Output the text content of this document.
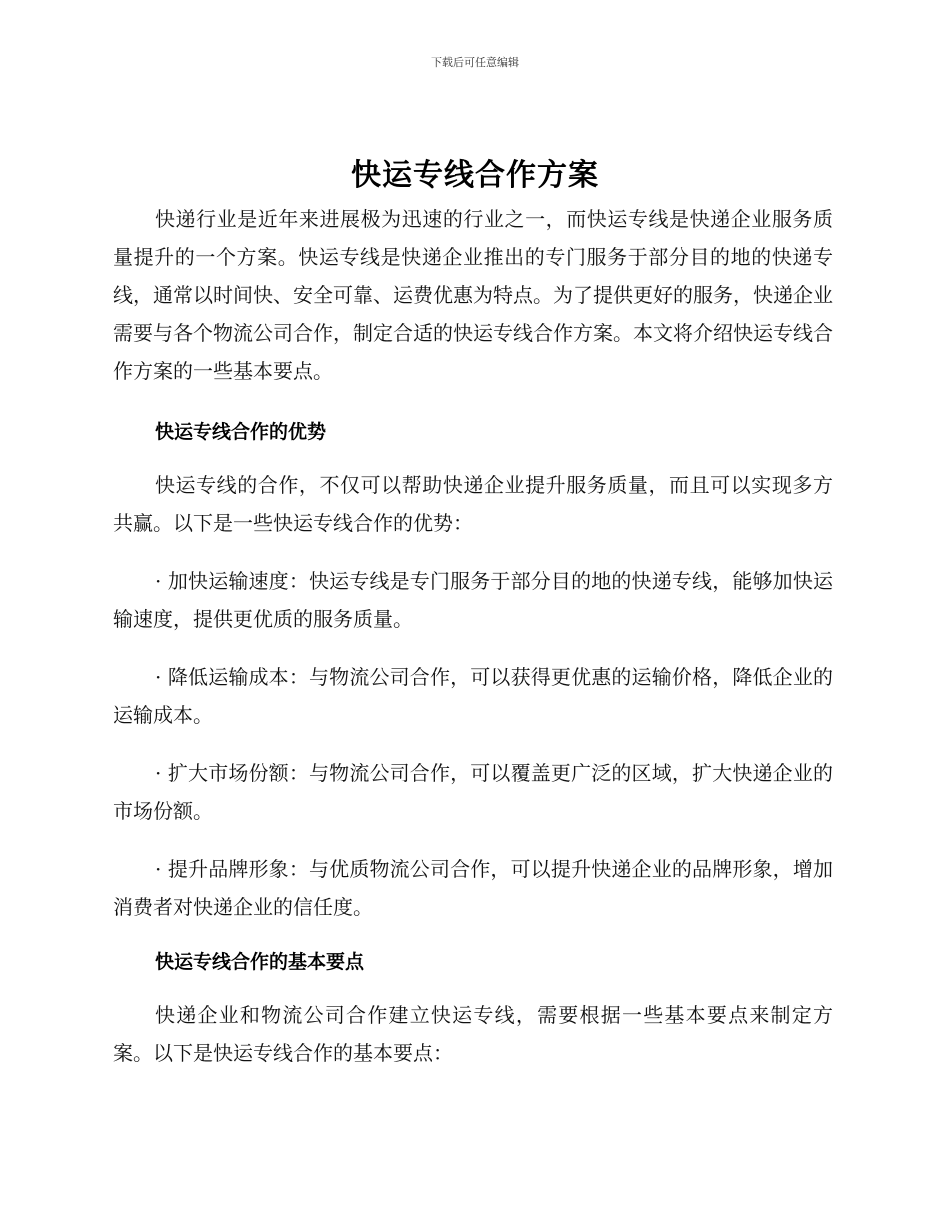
下载后可任意编辑
快运专线合作方案

快递行业是近年来进展极为迅速的行业之一，而快运专线是快递企业服务质量提升的一个方案。快运专线是快递企业推出的专门服务于部分目的地的快递专线，通常以时间快、安全可靠、运费优惠为特点。为了提供更好的服务，快递企业需要与各个物流公司合作，制定合适的快运专线合作方案。本文将介绍快运专线合作方案的一些基本要点。

快运专线合作的优势

快运专线的合作，不仅可以帮助快递企业提升服务质量，而且可以实现多方共赢。以下是一些快运专线合作的优势：

· 加快运输速度：快运专线是专门服务于部分目的地的快递专线，能够加快运输速度，提供更优质的服务质量。

· 降低运输成本：与物流公司合作，可以获得更优惠的运输价格，降低企业的运输成本。

· 扩大市场份额：与物流公司合作，可以覆盖更广泛的区域，扩大快递企业的市场份额。

· 提升品牌形象：与优质物流公司合作，可以提升快递企业的品牌形象，增加消费者对快递企业的信任度。

快运专线合作的基本要点

快递企业和物流公司合作建立快运专线，需要根据一些基本要点来制定方案。以下是快运专线合作的基本要点：
